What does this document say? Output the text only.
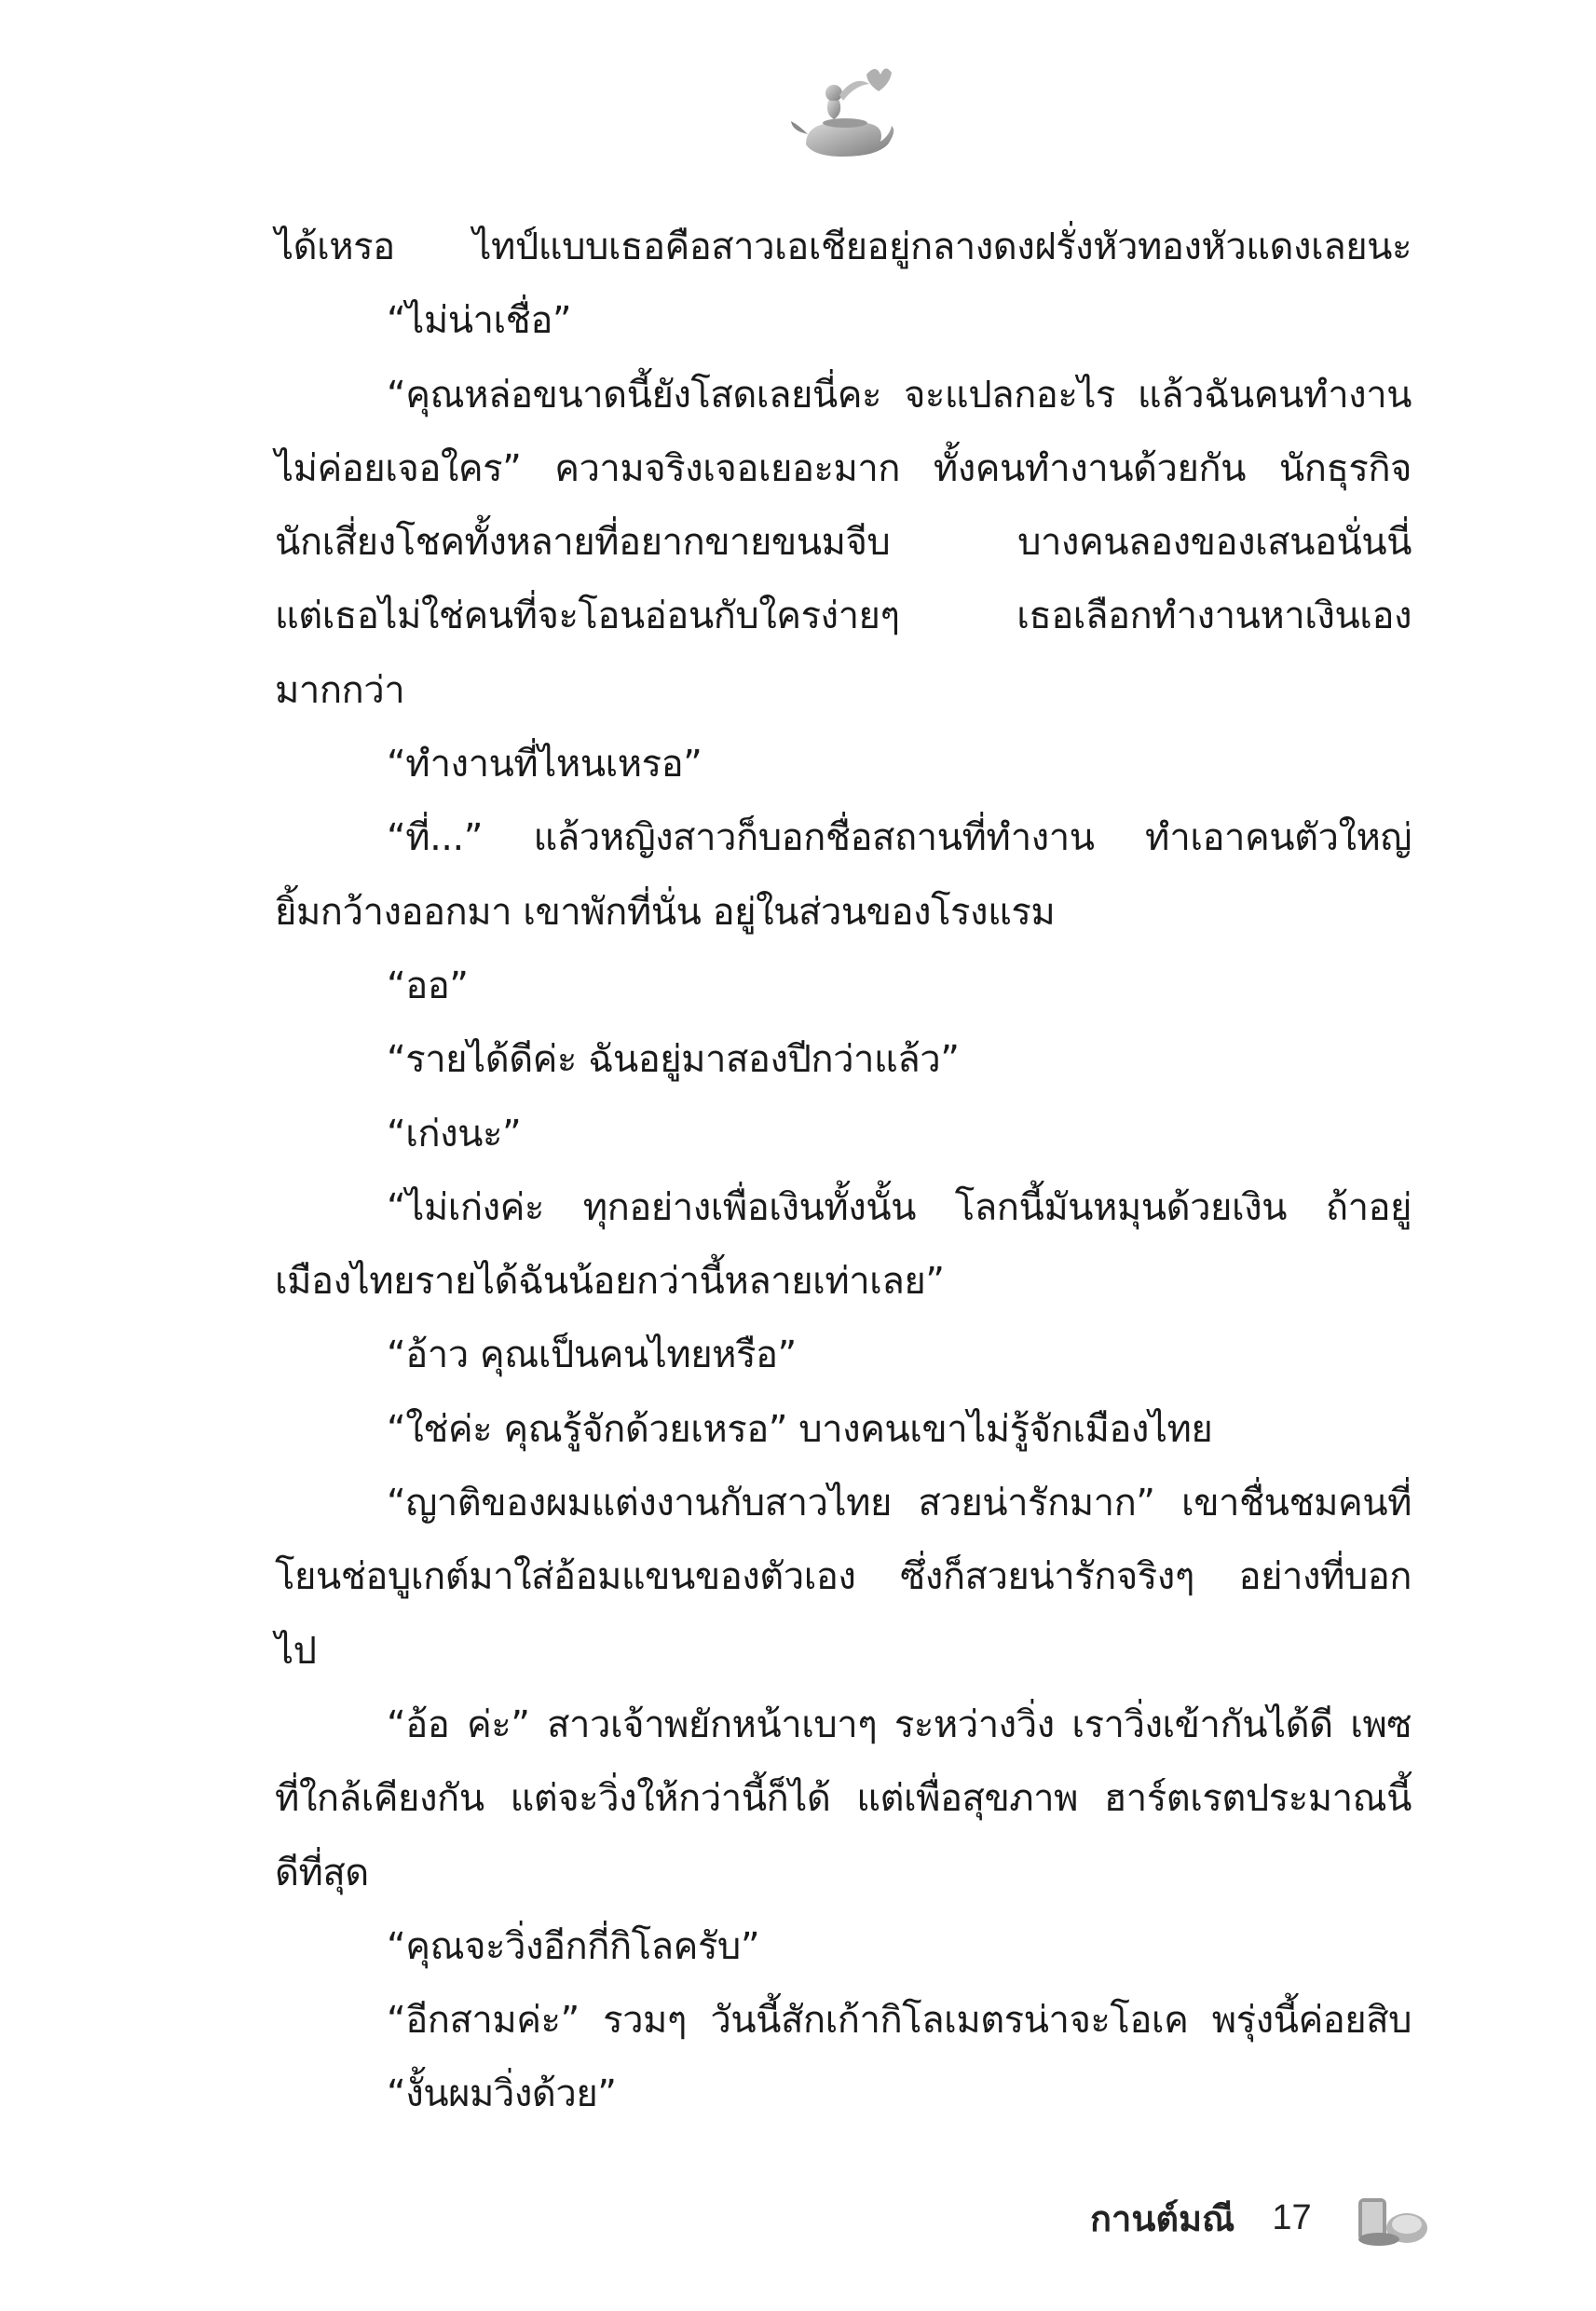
ได้เหรอ ไทป์แบบเธอคือสาวเอเชียอยู่กลางดงฝรั่งหัวทองหัวแดงเลยนะ
“ไม่น่าเชื่อ”
“คุณหล่อขนาดนี้ยังโสดเลยนี่คะ จะแปลกอะไร แล้วฉันคนทำงาน
ไม่ค่อยเจอใคร” ความจริงเจอเยอะมาก ทั้งคนทำงานด้วยกัน นักธุรกิจ
นักเสี่ยงโชคทั้งหลายที่อยากขายขนมจีบ บางคนลองของเสนอนั่นนี่
แต่เธอไม่ใช่คนที่จะโอนอ่อนกับใครง่ายๆ เธอเลือกทำงานหาเงินเอง
มากกว่า
“ทำงานที่ไหนเหรอ”
“ที่...” แล้วหญิงสาวก็บอกชื่อสถานที่ทำงาน ทำเอาคนตัวใหญ่
ยิ้มกว้างออกมา เขาพักที่นั่น อยู่ในส่วนของโรงแรม
“ออ”
“รายได้ดีค่ะ ฉันอยู่มาสองปีกว่าแล้ว”
“เก่งนะ”
“ไม่เก่งค่ะ ทุกอย่างเพื่อเงินทั้งนั้น โลกนี้มันหมุนด้วยเงิน ถ้าอยู่
เมืองไทยรายได้ฉันน้อยกว่านี้หลายเท่าเลย”
“อ้าว คุณเป็นคนไทยหรือ”
“ใช่ค่ะ คุณรู้จักด้วยเหรอ” บางคนเขาไม่รู้จักเมืองไทย
“ญาติของผมแต่งงานกับสาวไทย สวยน่ารักมาก” เขาชื่นชมคนที่
โยนช่อบูเกต์มาใส่อ้อมแขนของตัวเอง ซึ่งก็สวยน่ารักจริงๆ อย่างที่บอก
ไป
“อ้อ ค่ะ” สาวเจ้าพยักหน้าเบาๆ ระหว่างวิ่ง เราวิ่งเข้ากันได้ดี เพซ
ที่ใกล้เคียงกัน แต่จะวิ่งให้กว่านี้ก็ได้ แต่เพื่อสุขภาพ ฮาร์ตเรตประมาณนี้
ดีที่สุด
“คุณจะวิ่งอีกกี่กิโลครับ”
“อีกสามค่ะ” รวมๆ วันนี้สักเก้ากิโลเมตรน่าจะโอเค พรุ่งนี้ค่อยสิบ
“งั้นผมวิ่งด้วย”
กานต์มณี 17
